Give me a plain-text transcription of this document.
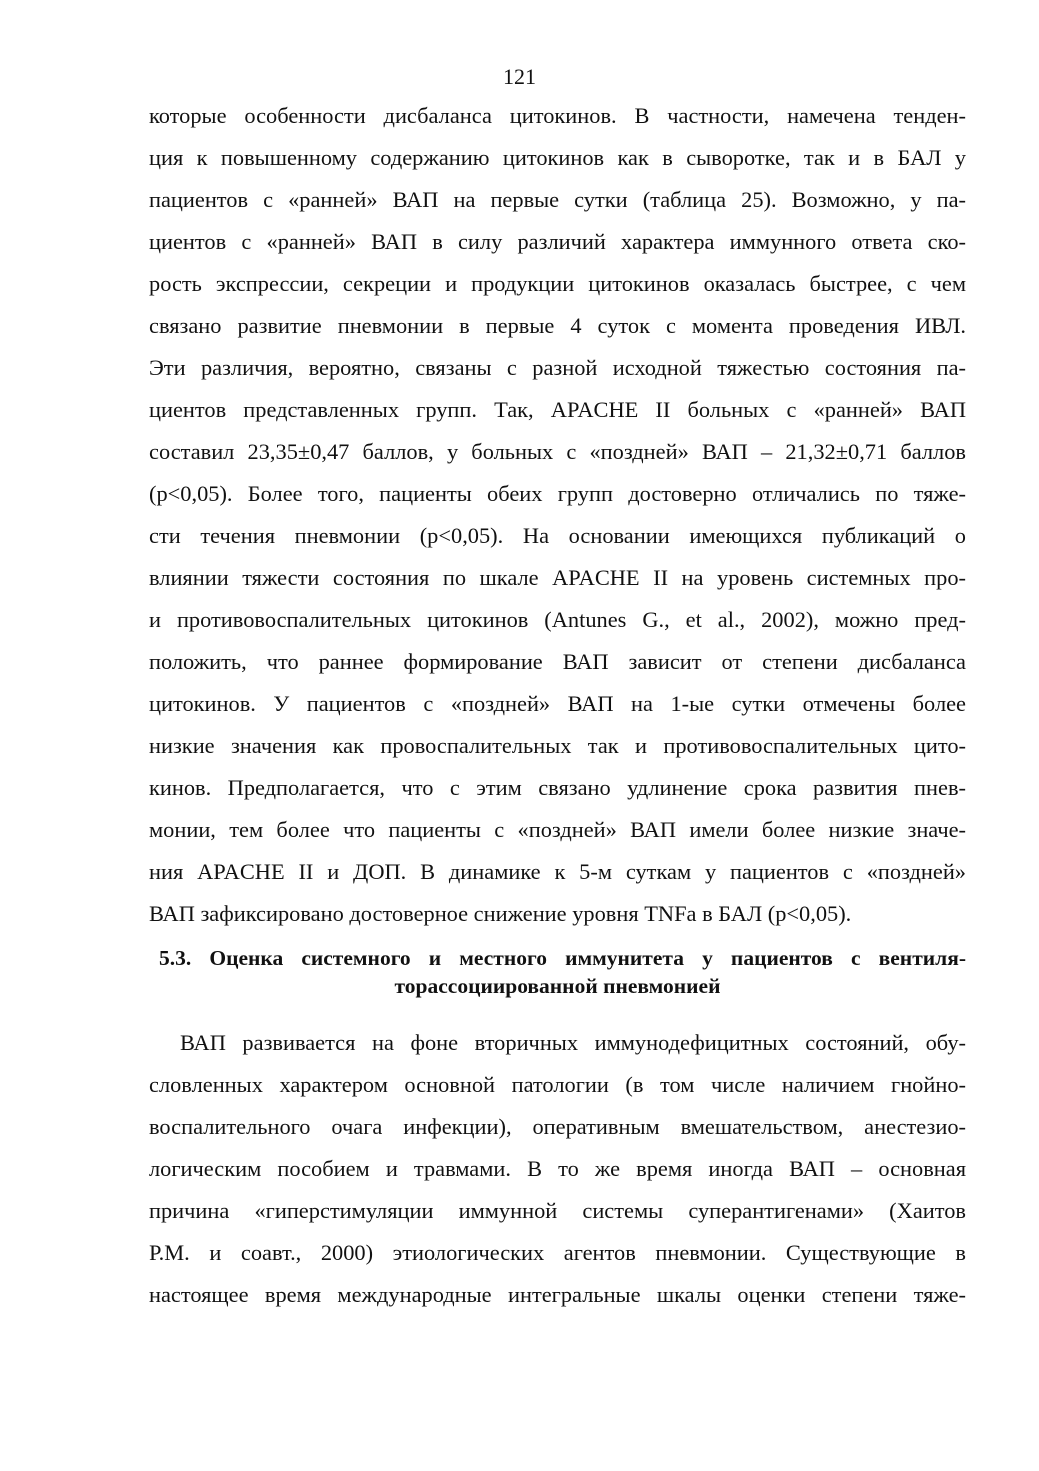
121
которые особенности дисбаланса цитокинов. В частности, намечена тенден-
ция к повышенному содержанию цитокинов как в сыворотке, так и в БАЛ у
пациентов с «ранней» ВАП на первые сутки (таблица 25). Возможно, у па-
циентов с «ранней» ВАП в силу различий характера иммунного ответа ско-
рость экспрессии, секреции и продукции цитокинов оказалась быстрее, с чем
связано развитие пневмонии в первые 4 суток с момента проведения ИВЛ.
Эти различия, вероятно, связаны с разной исходной тяжестью состояния па-
циентов представленных групп. Так, APACHE II больных с «ранней» ВАП
составил 23,35±0,47 баллов, у больных с «поздней» ВАП – 21,32±0,71 баллов
(р<0,05). Более того, пациенты обеих групп достоверно отличались по тяже-
сти течения пневмонии (р<0,05). На основании имеющихся публикаций о
влиянии тяжести состояния по шкале APACHE II на уровень системных про-
и противовоспалительных цитокинов (Antunes G., et al., 2002), можно пред-
положить, что раннее формирование ВАП зависит от степени дисбаланса
цитокинов. У пациентов с «поздней» ВАП на 1-ые сутки отмечены более
низкие значения как провоспалительных так и противовоспалительных цито-
кинов. Предполагается, что с этим связано удлинение срока развития пнев-
монии, тем более что пациенты с «поздней» ВАП имели более низкие значе-
ния APACHE II и ДОП. В динамике к 5-м суткам у пациентов с «поздней»
ВАП зафиксировано достоверное снижение уровня TNFa в БАЛ (р<0,05).
5.3. Оценка системного и местного иммунитета у пациентов с вентиля-
торассоциированной пневмонией
ВАП развивается на фоне вторичных иммунодефицитных состояний, обу-
словленных характером основной патологии (в том числе наличием гнойно-
воспалительного очага инфекции), оперативным вмешательством, анестезио-
логическим пособием и травмами. В то же время иногда ВАП – основная
причина «гиперстимуляции иммунной системы суперантигенами» (Хаитов
Р.М. и соавт., 2000) этиологических агентов пневмонии. Существующие в
настоящее время международные интегральные шкалы оценки степени тяже-
